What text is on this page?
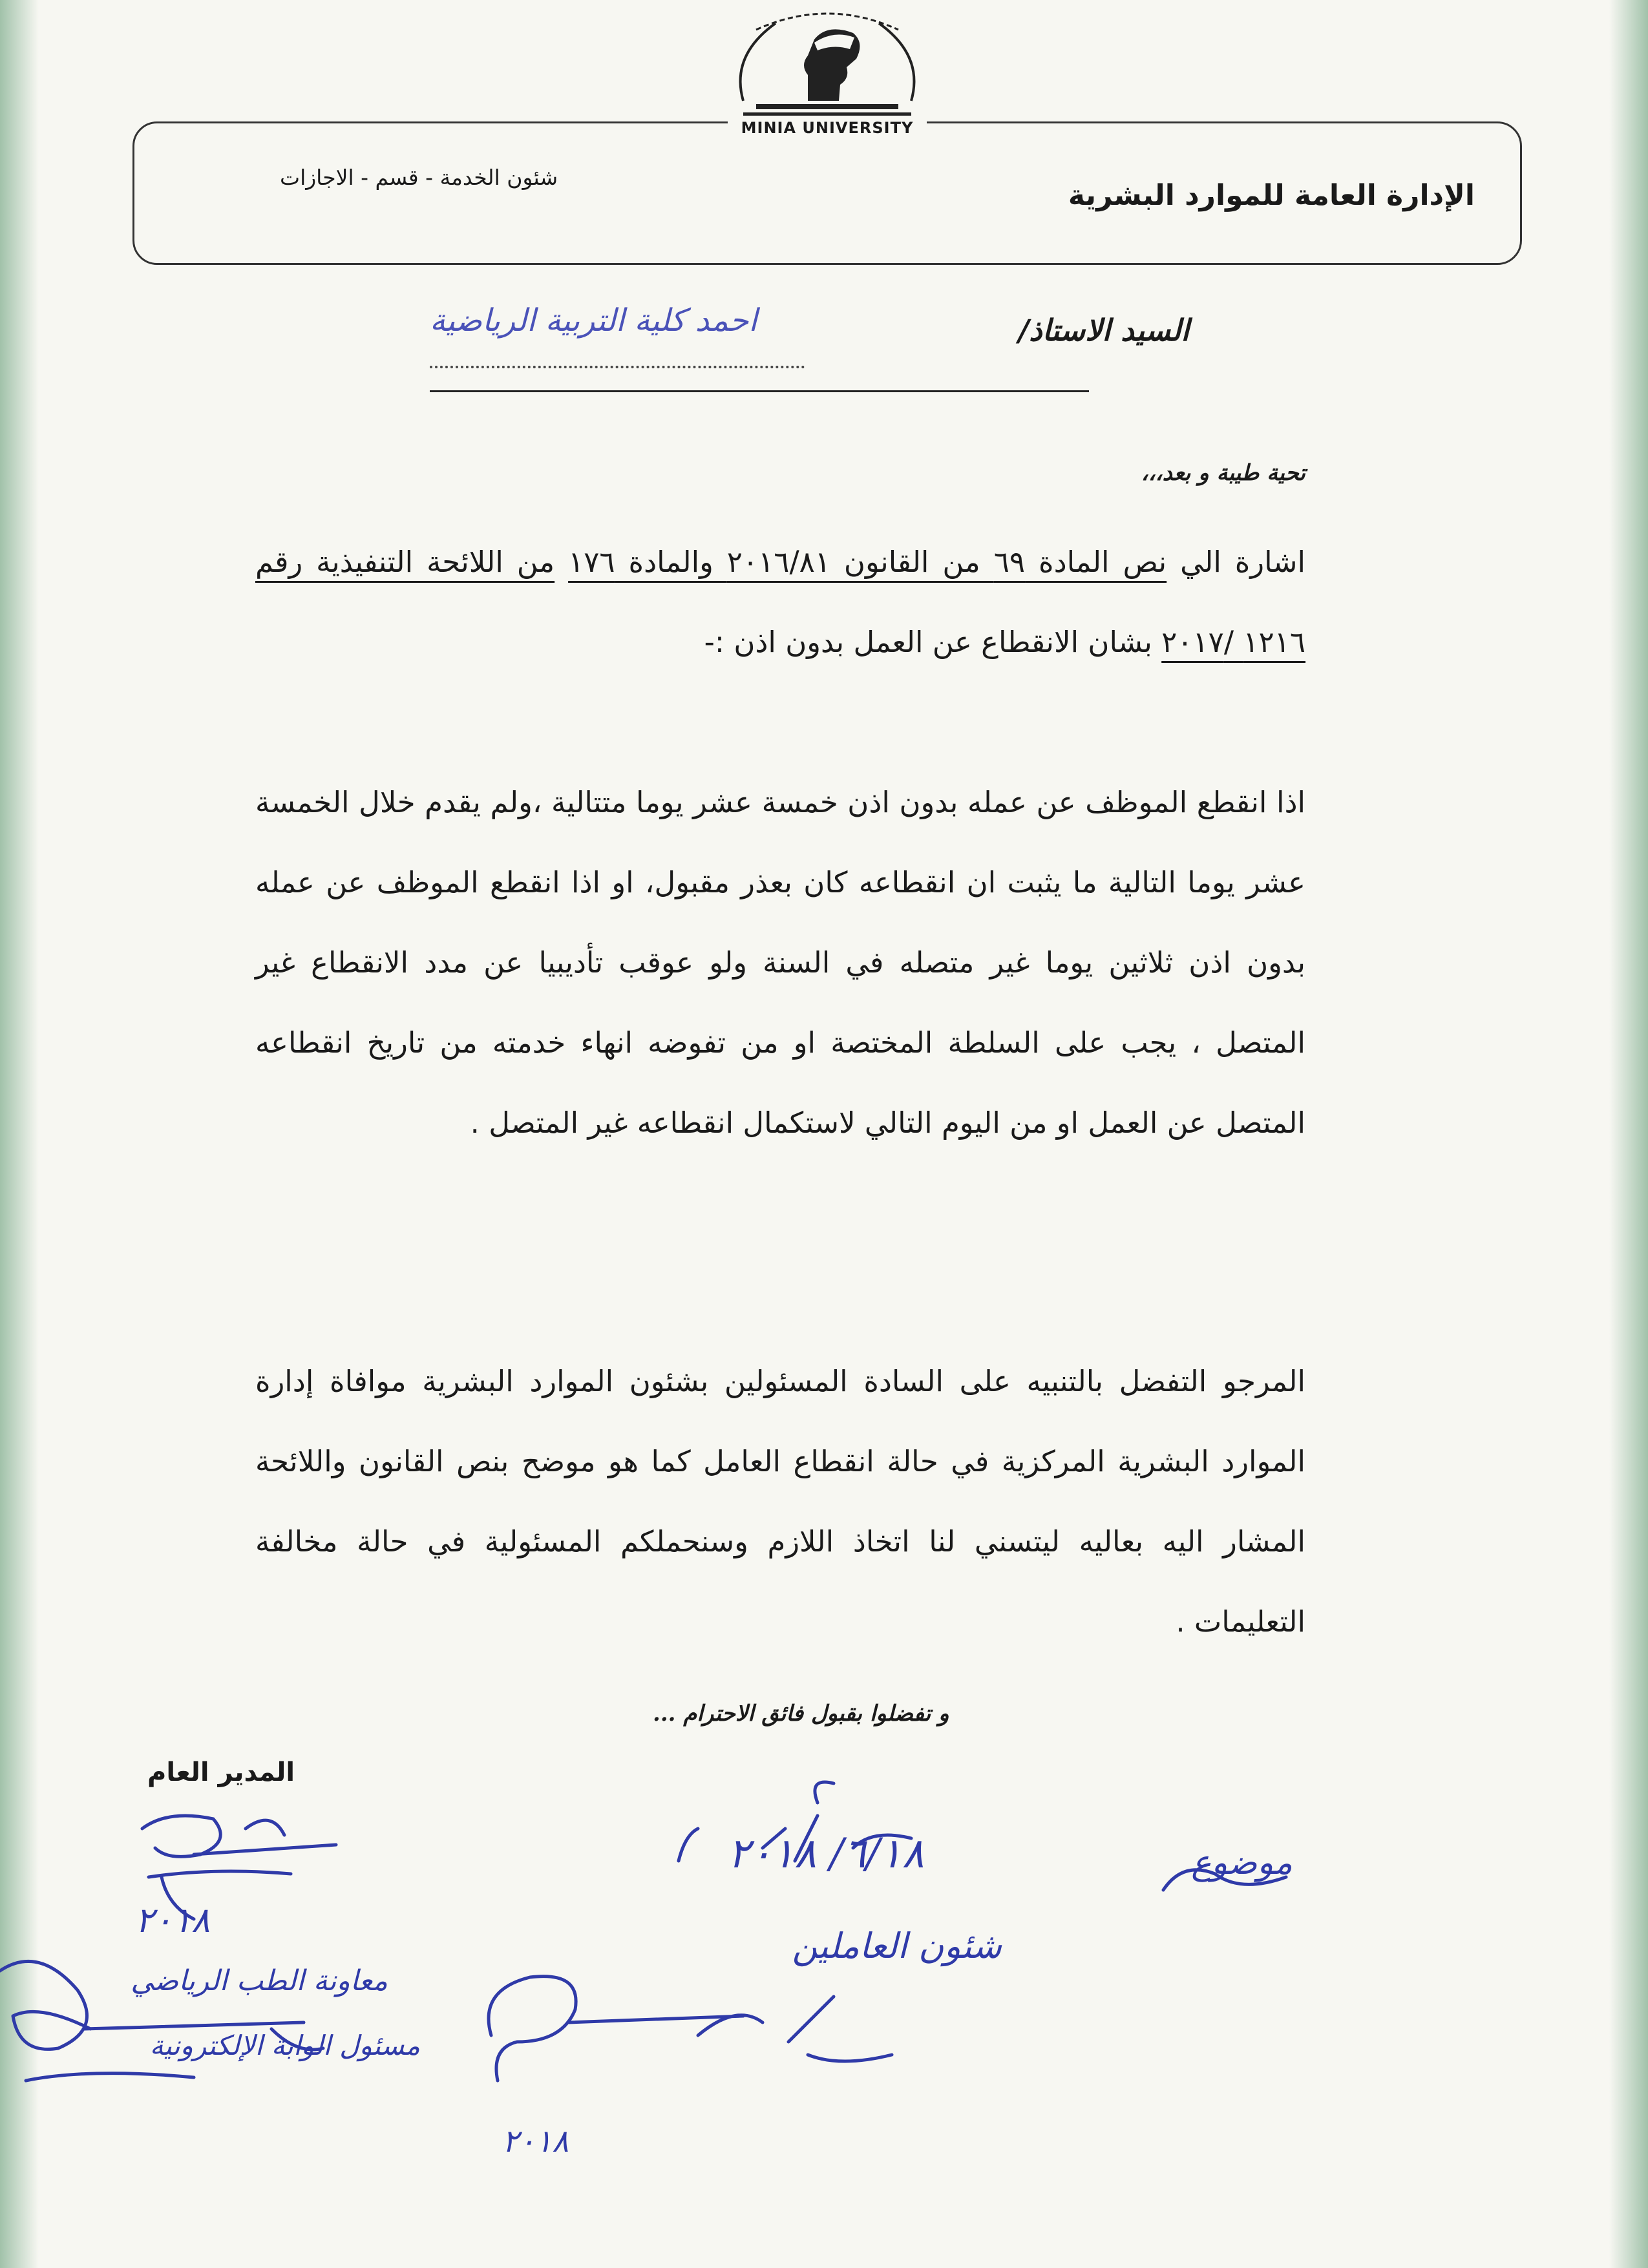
الإدارة العامة للموارد البشرية
شئون الخدمة - قسم - الاجازات
MINIA UNIVERSITY
السيد الاستاذ/
احمد كلية التربية الرياضية
تحية طيبة و بعد،،،

اشارة الي نص المادة ٦٩ من القانون ٢٠١٦/٨١ والمادة ١٧٦ من اللائحة التنفيذية رقم ١٢١٦ /٢٠١٧ بشان الانقطاع عن العمل بدون اذن :-

اذا انقطع الموظف عن عمله بدون اذن خمسة عشر يوما متتالية ،ولم يقدم خلال الخمسة عشر يوما التالية ما يثبت ان انقطاعه كان بعذر مقبول، او اذا انقطع الموظف عن عمله بدون اذن ثلاثين يوما غير متصله في السنة ولو عوقب تأديبيا عن مدد الانقطاع غير المتصل ، يجب على السلطة المختصة او من تفوضه انهاء خدمته من تاريخ انقطاعه المتصل عن العمل او من اليوم التالي لاستكمال انقطاعه غير المتصل .

المرجو التفضل بالتنبيه على السادة المسئولين بشئون الموارد البشرية موافاة إدارة الموارد البشرية المركزية في حالة انقطاع العامل كما هو موضح بنص القانون واللائحة المشار اليه بعاليه ليتسني لنا اتخاذ اللازم وسنحملكم المسئولية في حالة مخالفة التعليمات .

و تفضلوا بقبول فائق الاحترام ...
المدير العام
٢٠١٨
٦/١٨/ ٢٠١٨
شئون العاملين
موضوع
معاونة الطب الرياضي
مسئول الوابة الإلكترونية
٢٠١٨
